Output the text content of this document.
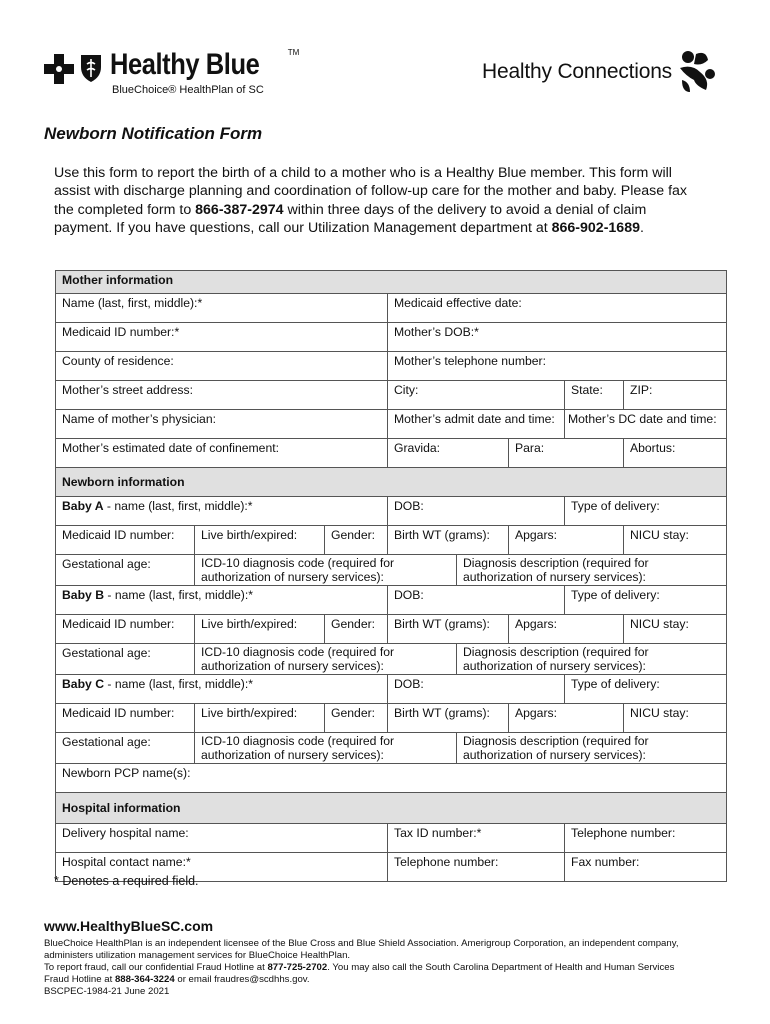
Healthy Blue	™
BlueChoice® HealthPlan of SC
Healthy Connections
Newborn Notification Form
Use this form to report the birth of a child to a mother who is a Healthy Blue member. This form will assist with discharge planning and coordination of follow-up care for the mother and baby. Please fax the completed form to 866-387-2974 within three days of the delivery to avoid a denial of claim payment. If you have questions, call our Utilization Management department at 866-902-1689.
Mother information							
Name (last, first, middle):*			Medicaid effective date:				
Medicaid ID number:*			Mother’s DOB:*				
County of residence:			Mother’s telephone number:				
Mother’s street address:			City:			State:	ZIP:
Name of mother’s physician:			Mother’s admit date and time:			Mother’s DC date and time:	
Mother’s estimated date of confinement:			Gravida:		Para:		Abortus:
Newborn information							
Baby A - name (last, first, middle):*			DOB:			Type of delivery:	
Medicaid ID number:	Live birth/expired:	Gender:	Birth WT (grams):		Apgars:		NICU stay:
Gestational age:	ICD-10 diagnosis code (required for authorization of nursery services):			Diagnosis description (required for authorization of nursery services):			
Baby B - name (last, first, middle):*			DOB:			Type of delivery:	
Medicaid ID number:	Live birth/expired:	Gender:	Birth WT (grams):		Apgars:		NICU stay:
Gestational age:	ICD-10 diagnosis code (required for authorization of nursery services):			Diagnosis description (required for authorization of nursery services):			
Baby C - name (last, first, middle):*			DOB:			Type of delivery:	
Medicaid ID number:	Live birth/expired:	Gender:	Birth WT (grams):		Apgars:		NICU stay:
Gestational age:	ICD-10 diagnosis code (required for authorization of nursery services):			Diagnosis description (required for authorization of nursery services):			
Newborn PCP name(s):							
Hospital information							
Delivery hospital name:			Tax ID number:*			Telephone number:	
Hospital contact name:*			Telephone number:			Fax number:	
* Denotes a required field.
www.HealthyBlueSC.com
BlueChoice HealthPlan is an independent licensee of the Blue Cross and Blue Shield Association. Amerigroup Corporation, an independent company,
administers utilization management services for BlueChoice HealthPlan.
To report fraud, call our confidential Fraud Hotline at 877-725-2702. You may also call the South Carolina Department of Health and Human Services
Fraud Hotline at 888-364-3224 or email fraudres@scdhhs.gov.
BSCPEC-1984-21 June 2021
